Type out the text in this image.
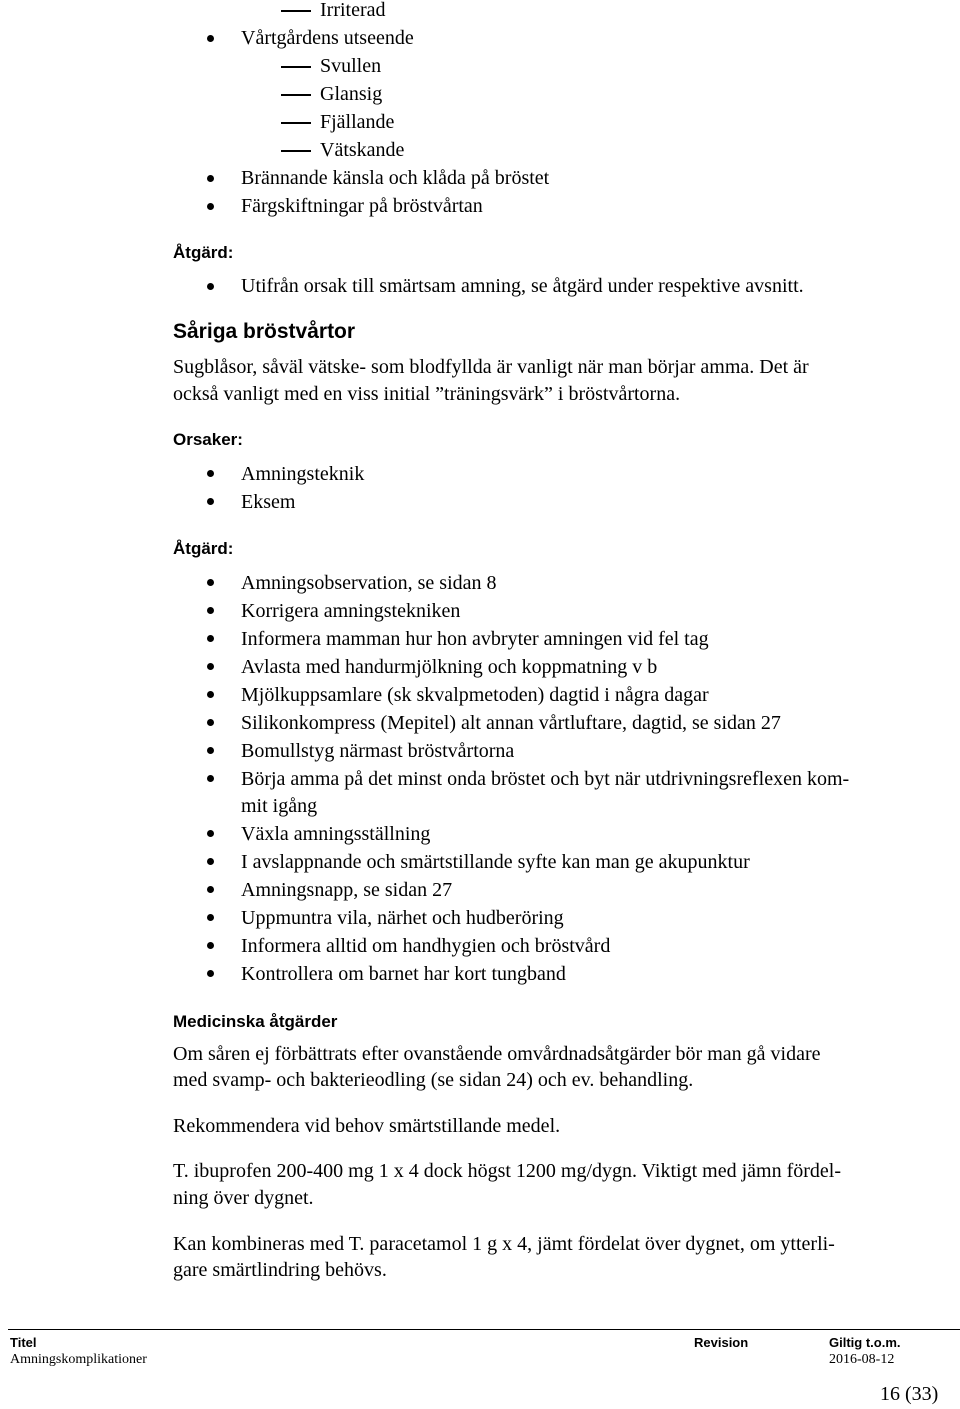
Irriterad
Vårtgårdens utseende
Svullen
Glansig
Fjällande
Vätskande
Brännande känsla och klåda på bröstet
Färgskiftningar på bröstvårtan
Åtgärd:
Utifrån orsak till smärtsam amning, se åtgärd under respektive avsnitt.
Såriga bröstvårtor
Sugblåsor, såväl vätske- som blodfyllda är vanligt när man börjar amma. Det är
också vanligt med en viss initial ”träningsvärk” i bröstvårtorna.
Orsaker:
Amningsteknik
Eksem
Åtgärd:
Amningsobservation, se sidan 8
Korrigera amningstekniken
Informera mamman hur hon avbryter amningen vid fel tag
Avlasta med handurmjölkning och koppmatning v b
Mjölkuppsamlare (sk skvalpmetoden) dagtid i några dagar
Silikonkompress (Mepitel) alt annan vårtluftare, dagtid, se sidan 27
Bomullstyg närmast bröstvårtorna
Börja amma på det minst onda bröstet och byt när utdrivningsreflexen kom-
mit igång
Växla amningsställning
I avslappnande och smärtstillande syfte kan man ge akupunktur
Amningsnapp, se sidan 27
Uppmuntra vila, närhet och hudberöring
Informera alltid om handhygien och bröstvård
Kontrollera om barnet har kort tungband
Medicinska åtgärder
Om såren ej förbättrats efter ovanstående omvårdnadsåtgärder bör man gå vidare
med svamp- och bakterieodling (se sidan 24) och ev. behandling.
Rekommendera vid behov smärtstillande medel.
T. ibuprofen 200-400 mg 1 x 4 dock högst 1200 mg/dygn. Viktigt med jämn fördel-
ning över dygnet.
Kan kombineras med T. paracetamol 1 g x 4, jämt fördelat över dygnet, om ytterli-
gare smärtlindring behövs.
Titel
Amningskomplikationer
Revision	Giltig t.o.m.
2016-08-12
16 (33)
